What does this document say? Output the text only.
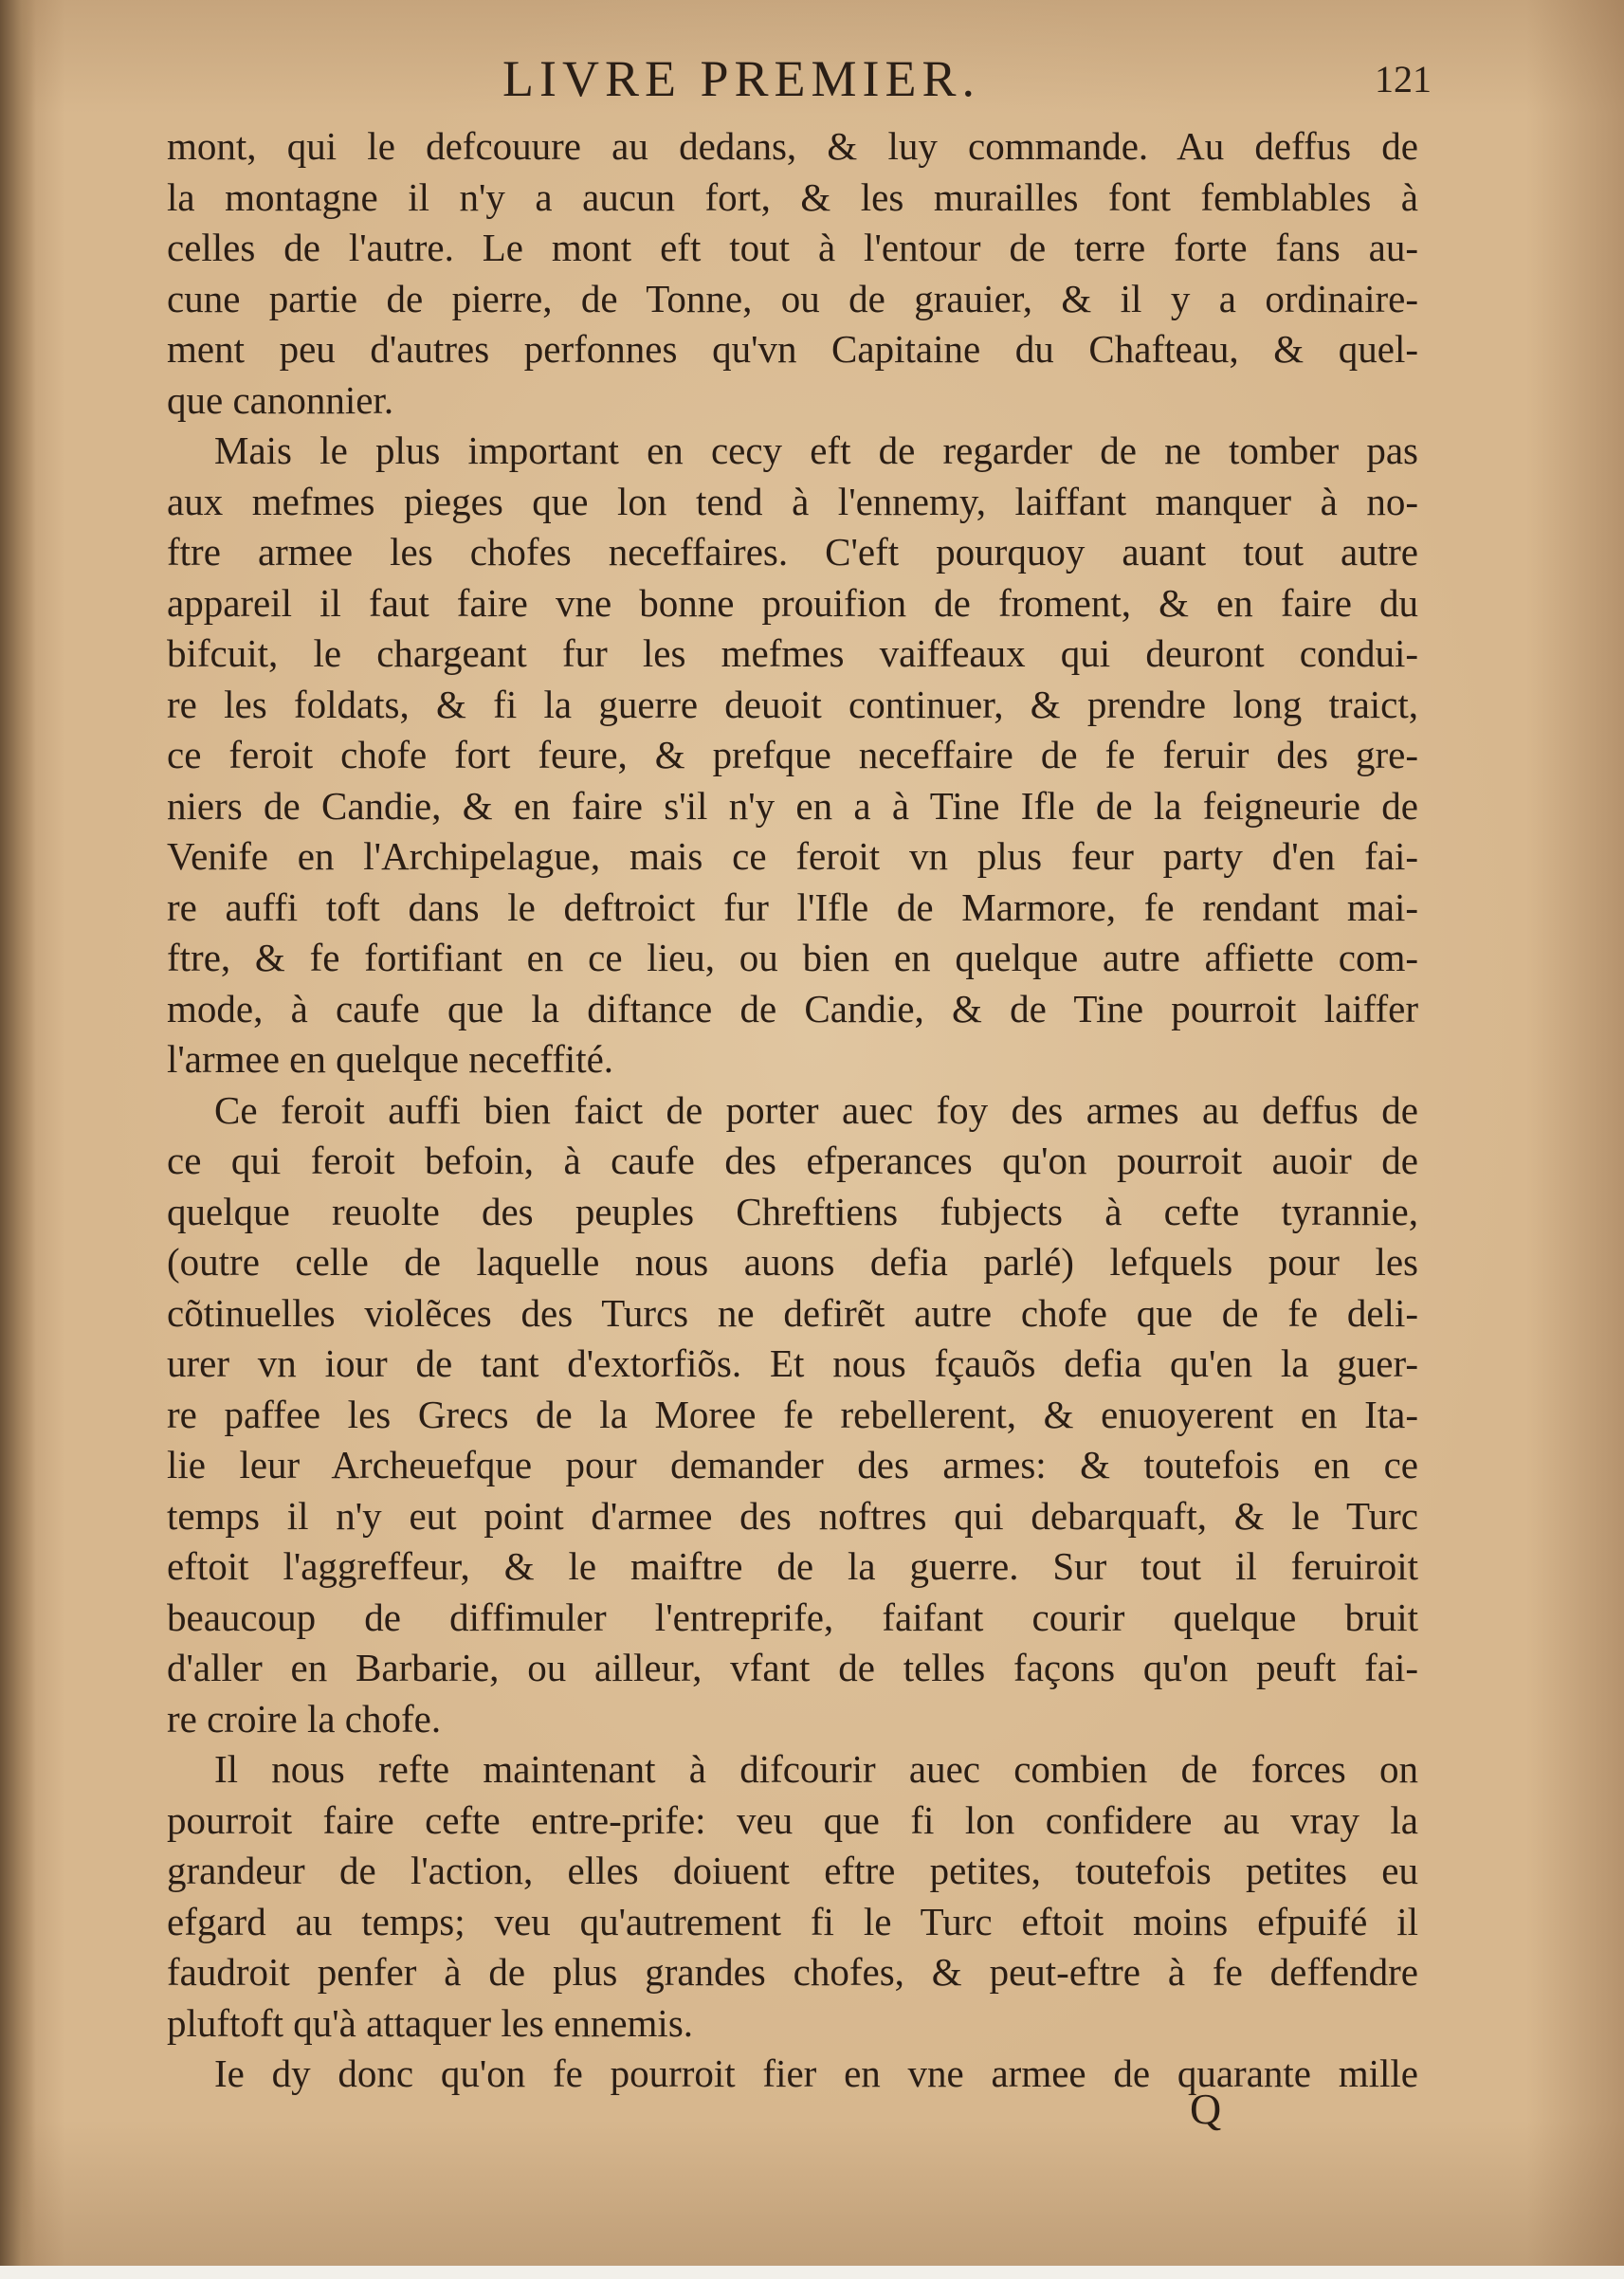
LIVRE PREMIER.	121
mont, qui le defcouure au dedans, & luy commande. Au deffus de
la montagne il n'y a aucun fort, & les murailles font femblables à
celles de l'autre. Le mont eft tout à l'entour de terre forte fans au-
cune partie de pierre, de Tonne, ou de grauier, & il y a ordinaire-
ment peu d'autres perfonnes qu'vn Capitaine du Chafteau, & quel-
que canonnier.
Mais le plus important en cecy eft de regarder de ne tomber pas
aux mefmes pieges que lon tend à l'ennemy, laiffant manquer à no-
ftre armee les chofes neceffaires. C'eft pourquoy auant tout autre
appareil il faut faire vne bonne prouifion de froment, & en faire du
bifcuit, le chargeant fur les mefmes vaiffeaux qui deuront condui-
re les foldats, & fi la guerre deuoit continuer, & prendre long traict,
ce feroit chofe fort feure, & prefque neceffaire de fe feruir des gre-
niers de Candie, & en faire s'il n'y en a à Tine Ifle de la feigneurie de
Venife en l'Archipelague, mais ce feroit vn plus feur party d'en fai-
re auffi toft dans le deftroict fur l'Ifle de Marmore, fe rendant mai-
ftre, & fe fortifiant en ce lieu, ou bien en quelque autre affiette com-
mode, à caufe que la diftance de Candie, & de Tine pourroit laiffer
l'armee en quelque neceffité.
Ce feroit auffi bien faict de porter auec foy des armes au deffus de
ce qui feroit befoin, à caufe des efperances qu'on pourroit auoir de
quelque reuolte des peuples Chreftiens fubjects à cefte tyrannie,
(outre celle de laquelle nous auons defia parlé) lefquels pour les
cõtinuelles violẽces des Turcs ne defirẽt autre chofe que de fe deli-
urer vn iour de tant d'extorfiõs. Et nous fçauõs defia qu'en la guer-
re paffee les Grecs de la Moree fe rebellerent, & enuoyerent en Ita-
lie leur Archeuefque pour demander des armes: & toutefois en ce
temps il n'y eut point d'armee des noftres qui debarquaft, & le Turc
eftoit l'aggreffeur, & le maiftre de la guerre. Sur tout il feruiroit
beaucoup de diffimuler l'entreprife, faifant courir quelque bruit
d'aller en Barbarie, ou ailleur, vfant de telles façons qu'on peuft fai-
re croire la chofe.
Il nous refte maintenant à difcourir auec combien de forces on
pourroit faire cefte entre-prife: veu que fi lon confidere au vray la
grandeur de l'action, elles doiuent eftre petites, toutefois petites eu
efgard au temps; veu qu'autrement fi le Turc eftoit moins efpuifé il
faudroit penfer à de plus grandes chofes, & peut-eftre à fe deffendre
pluftoft qu'à attaquer les ennemis.
Ie dy donc qu'on fe pourroit fier en vne armee de quarante mille
Q
